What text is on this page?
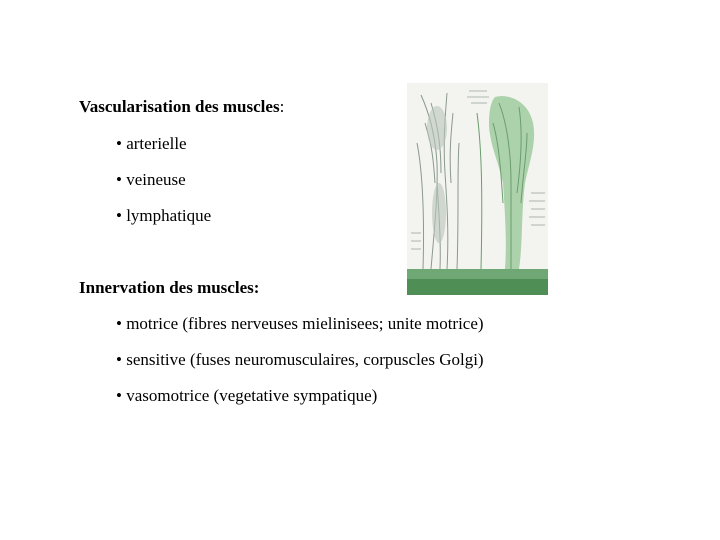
Vascularisation des muscles:
• arterielle
• veineuse
• lymphatique
Innervation des muscles:
• motrice (fibres nerveuses mielinisees; unite motrice)
• sensitive (fuses neuromusculaires, corpuscles Golgi)
• vasomotrice (vegetative sympatique)
